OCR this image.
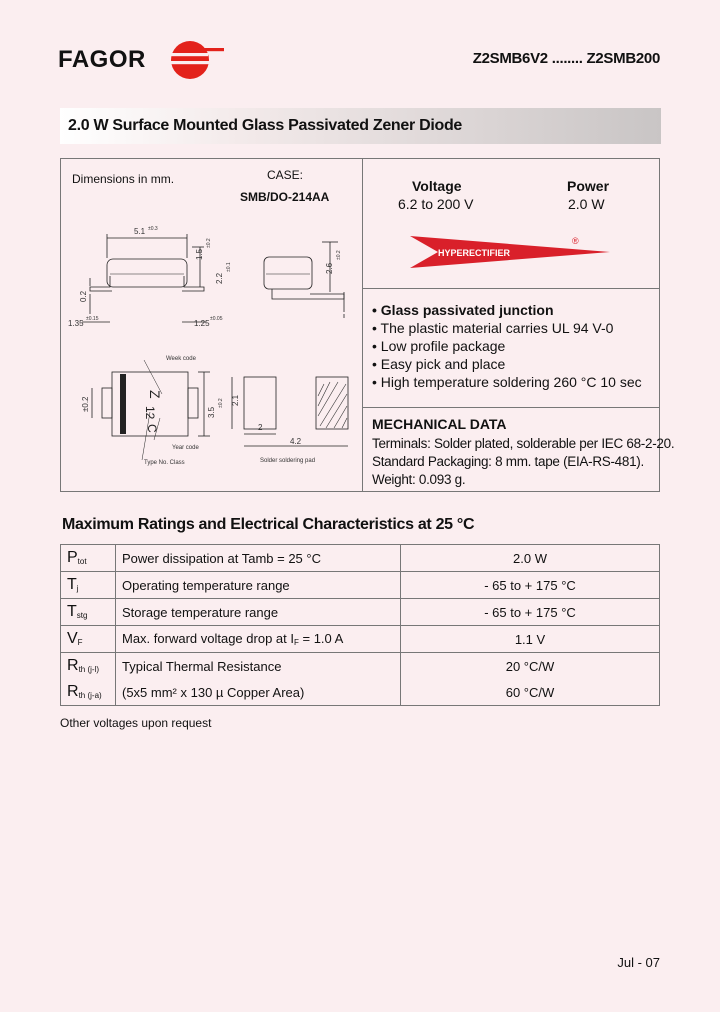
FAGOR	Z2SMB6V2 ........ Z2SMB200
2.0 W Surface Mounted Glass Passivated Zener Diode
Dimensions in mm.	CASE:
SMB/DO-214AA
5.1 ±0.3
1.5
±0.2
2.2
±0.1
0.2
1.35 ±0.15	1.25 ±0.05
2.6
±0.2
±0.2
3.5
±0.2 2.1
2
4.2
Week code
Year code
Type No. Class	Solder soldering pad
Z
12
C
Voltage
6.2 to 200 V
Power
2.0 W
HYPERECTIFIER
®
• Glass passivated junction
• The plastic material carries UL 94 V-0
• Low profile package
• Easy pick and place
• High temperature soldering 260 °C 10 sec
MECHANICAL DATA
Terminals: Solder plated, solderable per IEC 68-2-20.
Standard Packaging: 8 mm. tape (EIA-RS-481).
Weight: 0.093 g.
Maximum Ratings and Electrical Characteristics at 25 °C
$P_{tot}$	Power dissipation at Tamb = 25 °C	2.0 W
$T_j$	Operating temperature range	- 65 to + 175 °C
$T_{stg}$	Storage temperature range	- 65 to + 175 °C
$V_F$	Max. forward voltage drop at $I_F = 1.0$ A	1.1 V
$R_{th (j-l)}$	Typical Thermal Resistance	20 °C/W
$R_{th (j-a)}$	(5x5 mm² x 130 µ Copper Area)	60 °C/W
Other voltages upon request
Jul - 07
